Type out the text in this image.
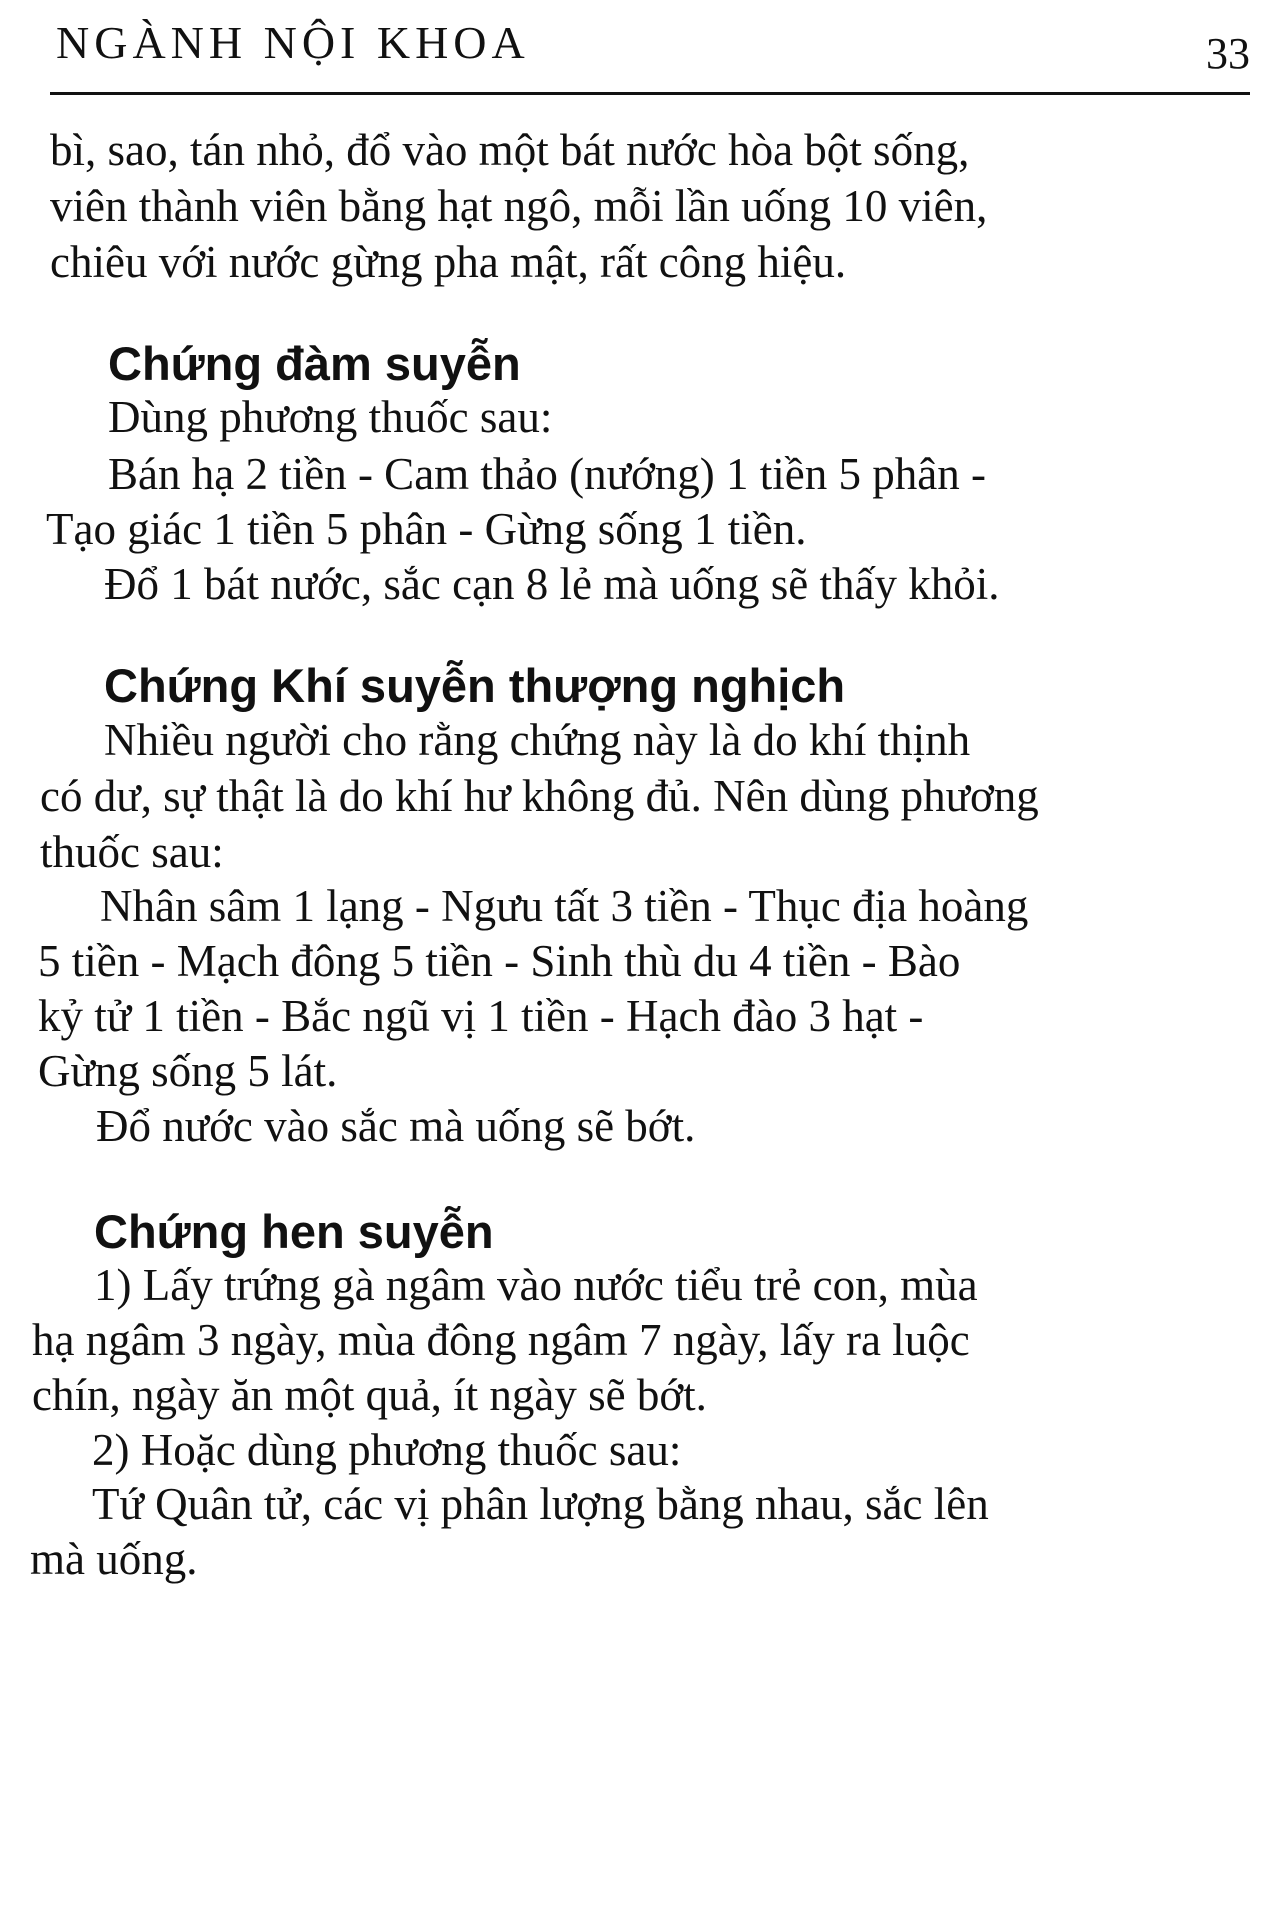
NGÀNH NỘI KHOA	33
bì, sao, tán nhỏ, đổ vào một bát nước hòa bột sống,
viên thành viên bằng hạt ngô, mỗi lần uống 10 viên,
chiêu với nước gừng pha mật, rất công hiệu.
Chứng đàm suyễn
Dùng phương thuốc sau:
Bán hạ 2 tiền - Cam thảo (nướng) 1 tiền 5 phân -
Tạo giác 1 tiền 5 phân - Gừng sống 1 tiền.
Đổ 1 bát nước, sắc cạn 8 lẻ mà uống sẽ thấy khỏi.
Chứng Khí suyễn thượng nghịch
Nhiều người cho rằng chứng này là do khí thịnh
có dư, sự thật là do khí hư không đủ. Nên dùng phương
thuốc sau:
Nhân sâm 1 lạng - Ngưu tất 3 tiền - Thục địa hoàng
5 tiền - Mạch đông 5 tiền - Sinh thù du 4 tiền - Bào
kỷ tử 1 tiền - Bắc ngũ vị 1 tiền - Hạch đào 3 hạt -
Gừng sống 5 lát.
Đổ nước vào sắc mà uống sẽ bớt.
Chứng hen suyễn
1) Lấy trứng gà ngâm vào nước tiểu trẻ con, mùa
hạ ngâm 3 ngày, mùa đông ngâm 7 ngày, lấy ra luộc
chín, ngày ăn một quả, ít ngày sẽ bớt.
2) Hoặc dùng phương thuốc sau:
Tứ Quân tử, các vị phân lượng bằng nhau, sắc lên
mà uống.
